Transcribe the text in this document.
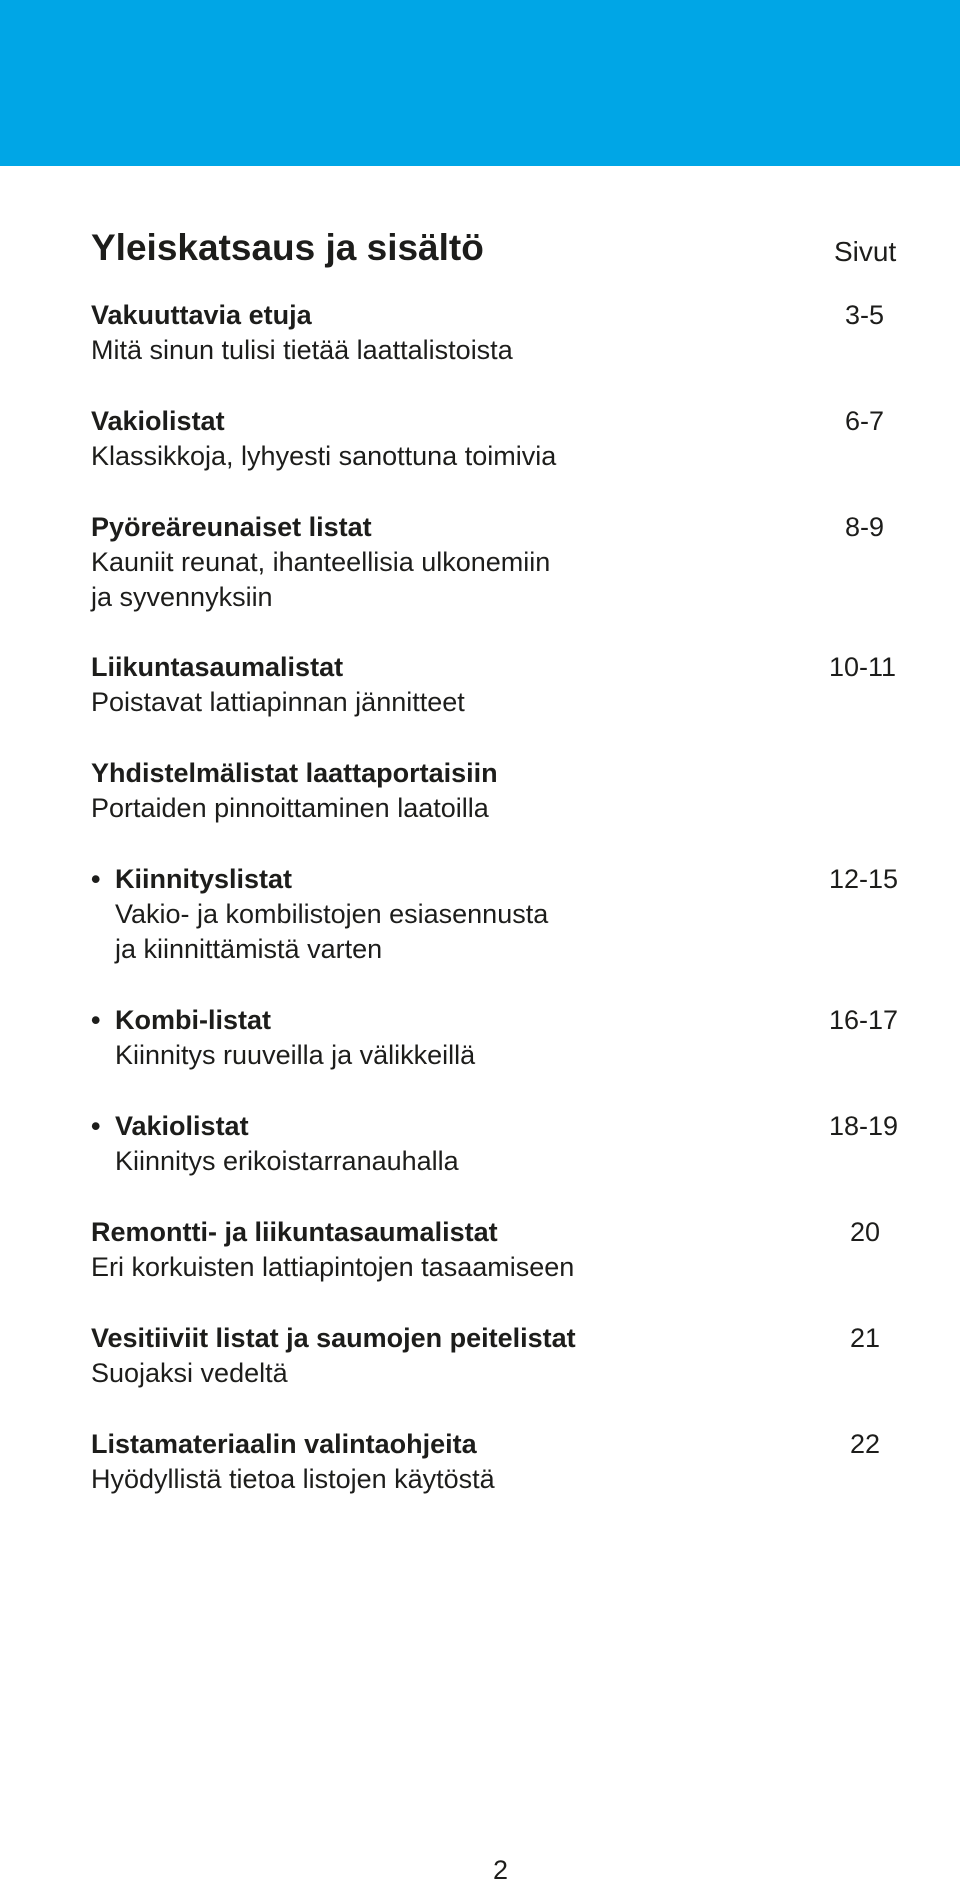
Yleiskatsaus ja sisältö	Sivut
Vakuuttavia etuja
Mitä sinun tulisi tietää laattalistoista
3-5
Vakiolistat
Klassikkoja, lyhyesti sanottuna toimivia
6-7
Pyöreäreunaiset listat
Kauniit reunat, ihanteellisia ulkonemiin
ja syvennyksiin
8-9
Liikuntasaumalistat
Poistavat lattiapinnan jännitteet
10-11
Yhdistelmälistat laattaportaisiin
Portaiden pinnoittaminen laatoilla
• Kiinnityslistat
Vakio- ja kombilistojen esiasennusta
ja kiinnittämistä varten
12-15
• Kombi-listat
Kiinnitys ruuveilla ja välikkeillä
16-17
• Vakiolistat
Kiinnitys erikoistarranauhalla
18-19
Remontti- ja liikuntasaumalistat
Eri korkuisten lattiapintojen tasaamiseen
20
Vesitiiviit listat ja saumojen peitelistat
Suojaksi vedeltä
21
Listamateriaalin valintaohjeita
Hyödyllistä tietoa listojen käytöstä
22
2
